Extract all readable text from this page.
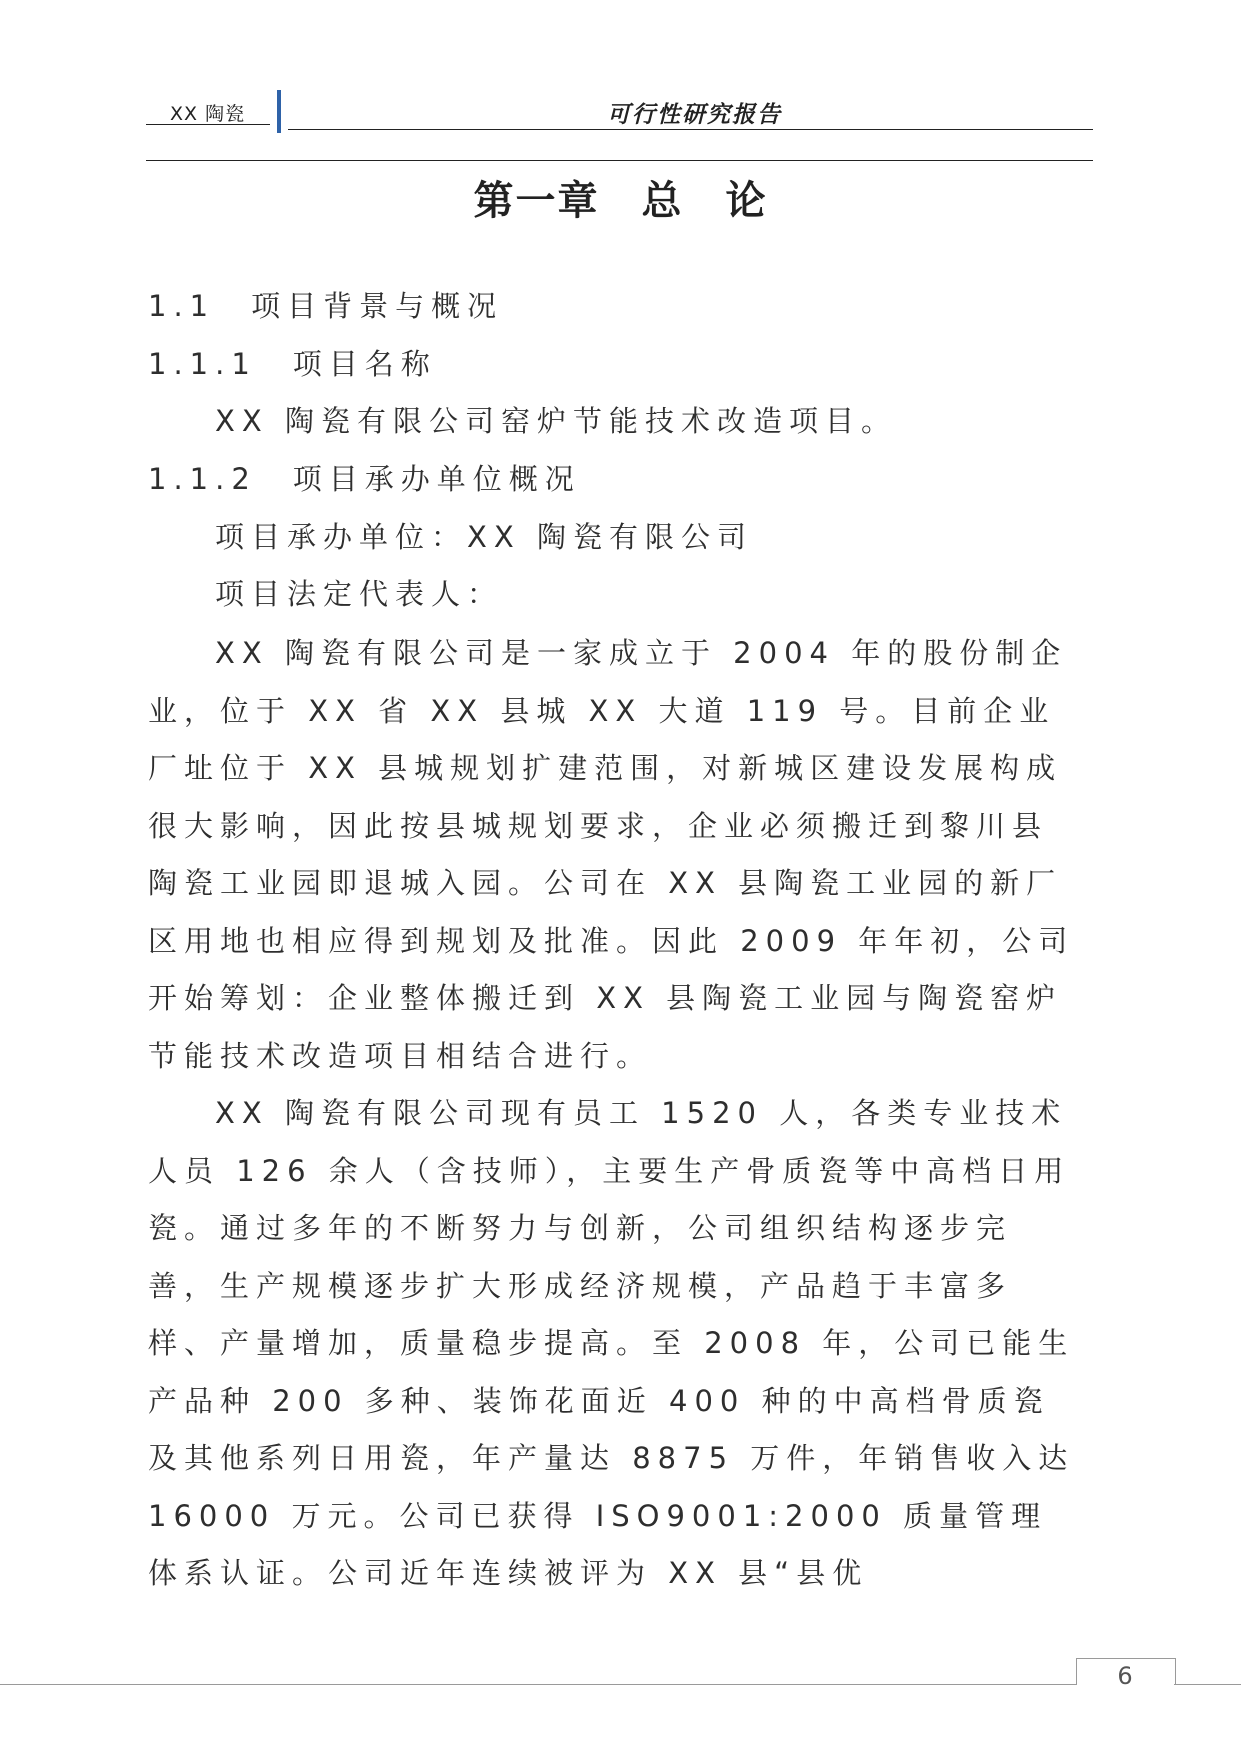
XX 陶瓷	可行性研究报告
第一章　总　论
1.1　项目背景与概况
1.1.1　项目名称
XX 陶瓷有限公司窑炉节能技术改造项目。
1.1.2　项目承办单位概况
项目承办单位：XX 陶瓷有限公司
项目法定代表人：

XX 陶瓷有限公司是一家成立于 2004 年的股份制企业，位于 XX 省 XX 县城 XX 大道 119 号。目前企业厂址位于 XX 县城规划扩建范围，对新城区建设发展构成很大影响，因此按县城规划要求，企业必须搬迁到黎川县陶瓷工业园即退城入园。公司在 XX 县陶瓷工业园的新厂区用地也相应得到规划及批准。因此 2009 年年初，公司开始筹划：企业整体搬迁到 XX 县陶瓷工业园与陶瓷窑炉节能技术改造项目相结合进行。

XX 陶瓷有限公司现有员工 1520 人，各类专业技术人员 126 余人（含技师），主要生产骨质瓷等中高档日用瓷。通过多年的不断努力与创新，公司组织结构逐步完善，生产规模逐步扩大形成经济规模，产品趋于丰富多样、产量增加，质量稳步提高。至 2008 年，公司已能生产品种 200 多种、装饰花面近 400 种的中高档骨质瓷及其他系列日用瓷，年产量达 8875 万件，年销售收入达 16000 万元。公司已获得 ISO9001:2000 质量管理体系认证。公司近年连续被评为 XX 县“县优

6
